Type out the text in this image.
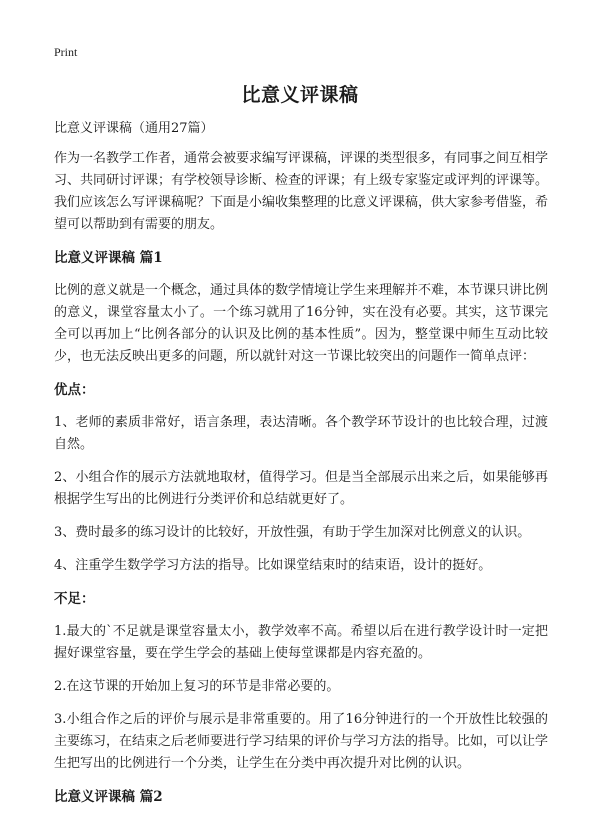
Print
比意义评课稿

比意义评课稿（通用27篇）

作为一名教学工作者，通常会被要求编写评课稿，评课的类型很多，有同事之间互相学习、共同研讨评课；有学校领导诊断、检查的评课；有上级专家鉴定或评判的评课等。我们应该怎么写评课稿呢？下面是小编收集整理的比意义评课稿，供大家参考借鉴，希望可以帮助到有需要的朋友。

比意义评课稿 篇1

比例的意义就是一个概念，通过具体的数学情境让学生来理解并不难，本节课只讲比例的意义，课堂容量太小了。一个练习就用了16分钟，实在没有必要。其实，这节课完全可以再加上“比例各部分的认识及比例的基本性质”。因为，整堂课中师生互动比较少，也无法反映出更多的问题，所以就针对这一节课比较突出的问题作一简单点评：

优点：

1、老师的素质非常好，语言条理，表达清晰。各个教学环节设计的也比较合理，过渡自然。

2、小组合作的展示方法就地取材，值得学习。但是当全部展示出来之后，如果能够再根据学生写出的比例进行分类评价和总结就更好了。

3、费时最多的练习设计的比较好，开放性强，有助于学生加深对比例意义的认识。

4、注重学生数学学习方法的指导。比如课堂结束时的结束语，设计的挺好。

不足：

1.最大的`不足就是课堂容量太小，教学效率不高。希望以后在进行教学设计时一定把握好课堂容量，要在学生学会的基础上使每堂课都是内容充盈的。

2.在这节课的开始加上复习的环节是非常必要的。

3.小组合作之后的评价与展示是非常重要的。用了16分钟进行的一个开放性比较强的主要练习，在结束之后老师要进行学习结果的评价与学习方法的指导。比如，可以让学生把写出的比例进行一个分类，让学生在分类中再次提升对比例的认识。

比意义评课稿 篇2
